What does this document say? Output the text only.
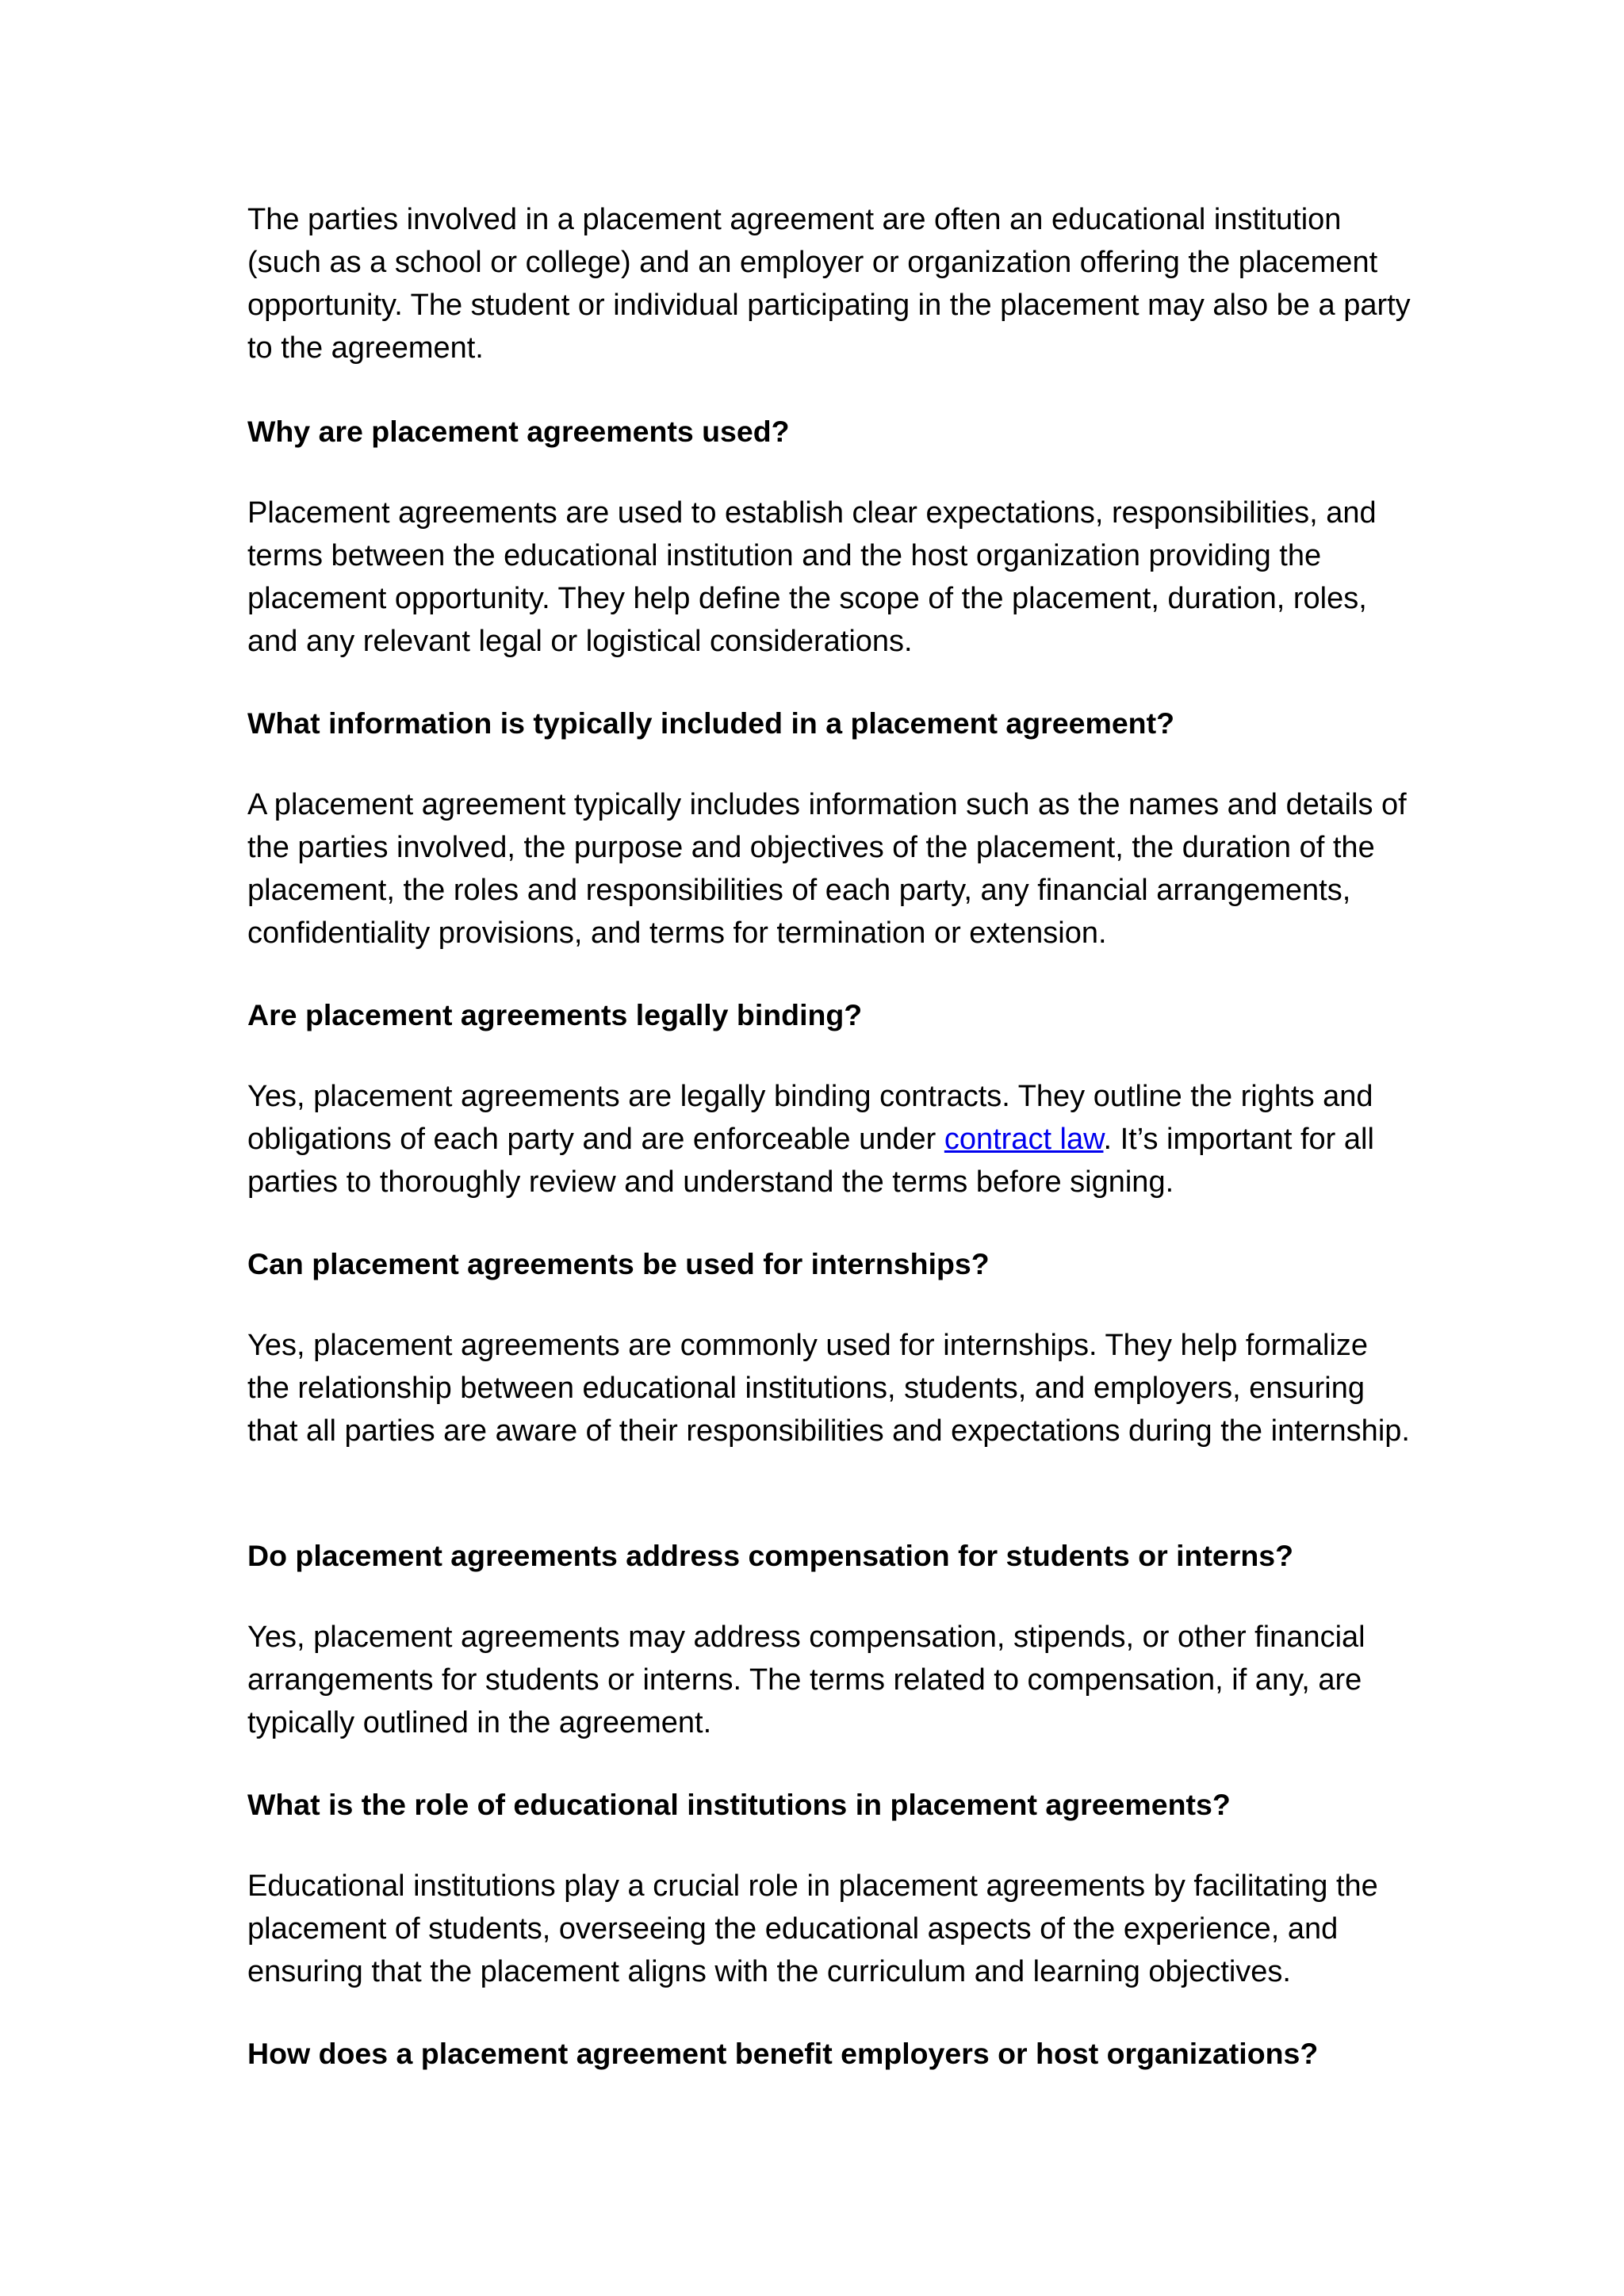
The parties involved in a placement agreement are often an educational institution (such as a school or college) and an employer or organization offering the placement opportunity. The student or individual participating in the placement may also be a party to the agreement.

Why are placement agreements used?

Placement agreements are used to establish clear expectations, responsibilities, and terms between the educational institution and the host organization providing the placement opportunity. They help define the scope of the placement, duration, roles, and any relevant legal or logistical considerations.

What information is typically included in a placement agreement?

A placement agreement typically includes information such as the names and details of the parties involved, the purpose and objectives of the placement, the duration of the placement, the roles and responsibilities of each party, any financial arrangements, confidentiality provisions, and terms for termination or extension.

Are placement agreements legally binding?

Yes, placement agreements are legally binding contracts. They outline the rights and obligations of each party and are enforceable under contract law. It’s important for all parties to thoroughly review and understand the terms before signing.

Can placement agreements be used for internships?

Yes, placement agreements are commonly used for internships. They help formalize the relationship between educational institutions, students, and employers, ensuring that all parties are aware of their responsibilities and expectations during the internship.

Do placement agreements address compensation for students or interns?

Yes, placement agreements may address compensation, stipends, or other financial arrangements for students or interns. The terms related to compensation, if any, are typically outlined in the agreement.

What is the role of educational institutions in placement agreements?

Educational institutions play a crucial role in placement agreements by facilitating the placement of students, overseeing the educational aspects of the experience, and ensuring that the placement aligns with the curriculum and learning objectives.

How does a placement agreement benefit employers or host organizations?
